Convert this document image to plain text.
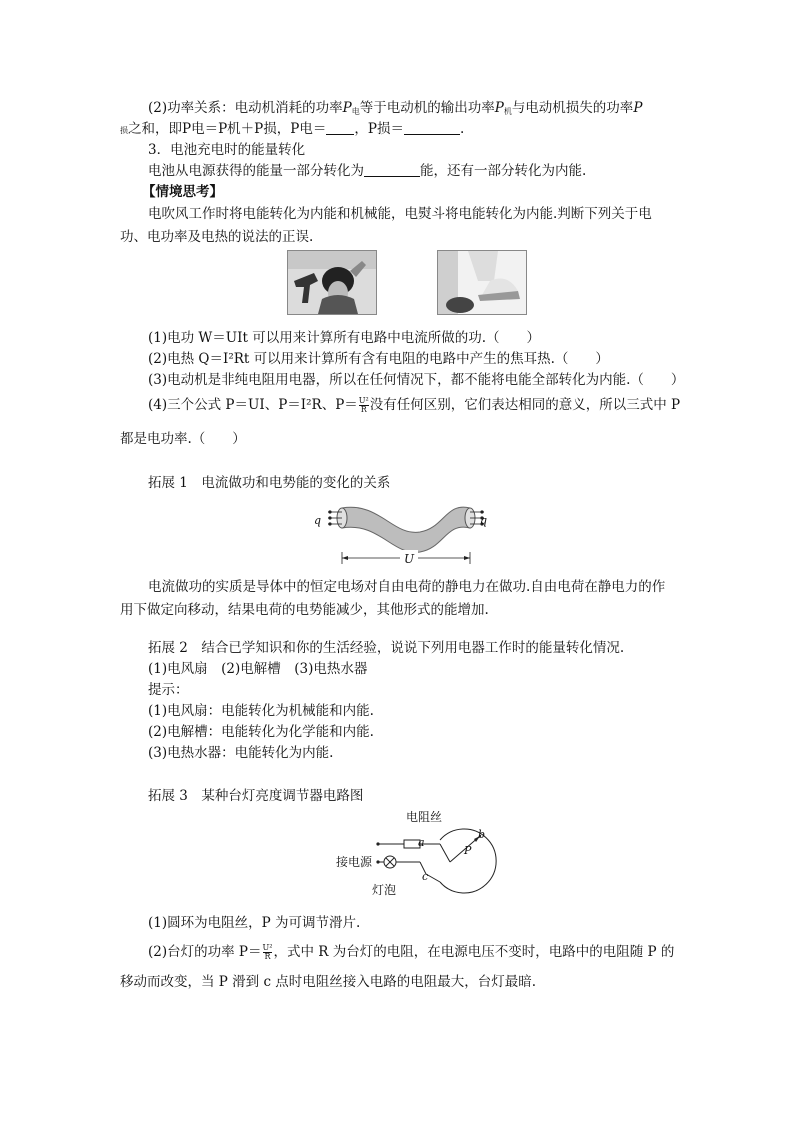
(2)功率关系：电动机消耗的功率$P_电$等于电动机的输出功率$P_机$与电动机损失的功率P
损之和，即P电＝P机＋P损，P电＝ ，P损＝	.
3．电池充电时的能量转化
电池从电源获得的能量一部分转化为	能，还有一部分转化为内能.
【情境思考】
电吹风工作时将电能转化为内能和机械能，电熨斗将电能转化为内能.判断下列关于电功、电功率及电热的说法的正误.
(1)电功 W＝UIt 可以用来计算所有电路中电流所做的功.（　　）
(2)电热 Q＝I²Rt 可以用来计算所有含有电阻的电路中产生的焦耳热.（　　）
(3)电动机是非纯电阻用电器，所以在任何情况下，都不能将电能全部转化为内能.（　　）
(4)三个公式 P＝UI、P＝I²R、$P= \frac{\text{U²}}{R}$ 没有任何区别，它们表达相同的意义，所以三式中 P
都是电功率.（　　）
拓展 1　电流做功和电势能的变化的关系
q	q
U
电流做功的实质是导体中的恒定电场对自由电荷的静电力在做功.自由电荷在静电力的作用下做定向移动，结果电荷的电势能减少，其他形式的能增加.
拓展 2　结合已学知识和你的生活经验，说说下列用电器工作时的能量转化情况.
(1)电风扇　(2)电解槽　(3)电热水器
提示：
(1)电风扇：电能转化为机械能和内能.
(2)电解槽：电能转化为化学能和内能.
(3)电热水器：电能转化为内能.
拓展 3　某种台灯亮度调节器电路图
电阻丝
b
a
P
接电源
c
灯泡
(1)圆环为电阻丝，P 为可调节滑片.
(2)台灯的功率 $P= \frac{\text{U²}}{R}$ ，式中 R 为台灯的电阻，在电源电压不变时，电路中的电阻随 P 的
移动而改变，当 P 滑到 c 点时电阻丝接入电路的电阻最大，台灯最暗.
